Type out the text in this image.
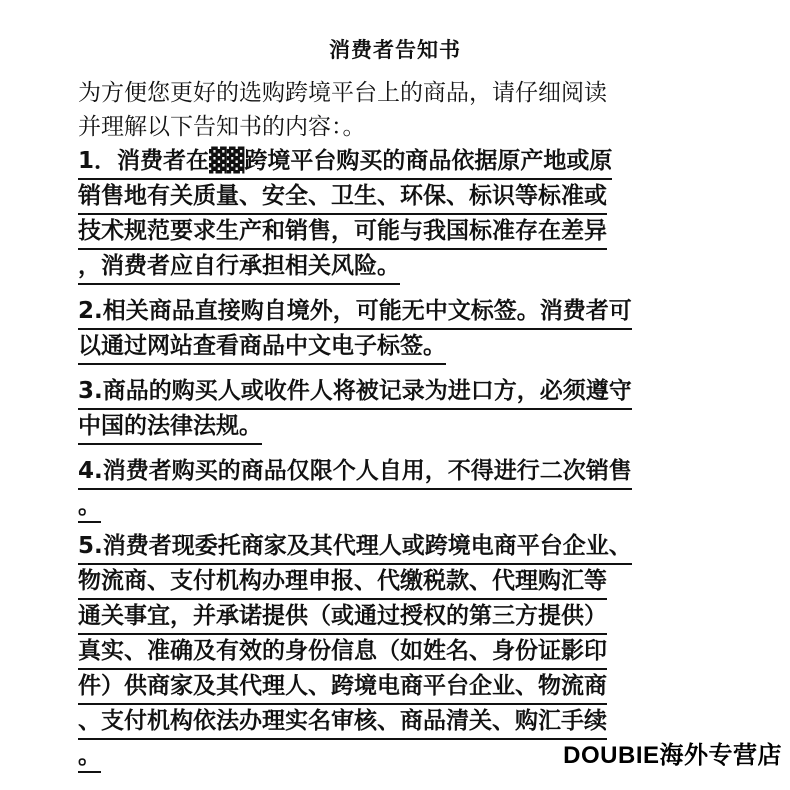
消费者告知书
为方便您更好的选购跨境平台上的商品，请仔细阅读
并理解以下告知书的内容：。
1．消费者在▓▓跨境平台购买的商品依据原产地或原
销售地有关质量、安全、卫生、环保、标识等标准或
技术规范要求生产和销售，可能与我国标准存在差异
，消费者应自行承担相关风险。
2.相关商品直接购自境外，可能无中文标签。消费者可
以通过网站查看商品中文电子标签。
3.商品的购买人或收件人将被记录为进口方，必须遵守
中国的法律法规。
4.消费者购买的商品仅限个人自用，不得进行二次销售
。
5.消费者现委托商家及其代理人或跨境电商平台企业、
物流商、支付机构办理申报、代缴税款、代理购汇等
通关事宜，并承诺提供（或通过授权的第三方提供）
真实、准确及有效的身份信息（如姓名、身份证影印
件）供商家及其代理人、跨境电商平台企业、物流商
、支付机构依法办理实名审核、商品清关、购汇手续
。	DOUBIE海外专营店
